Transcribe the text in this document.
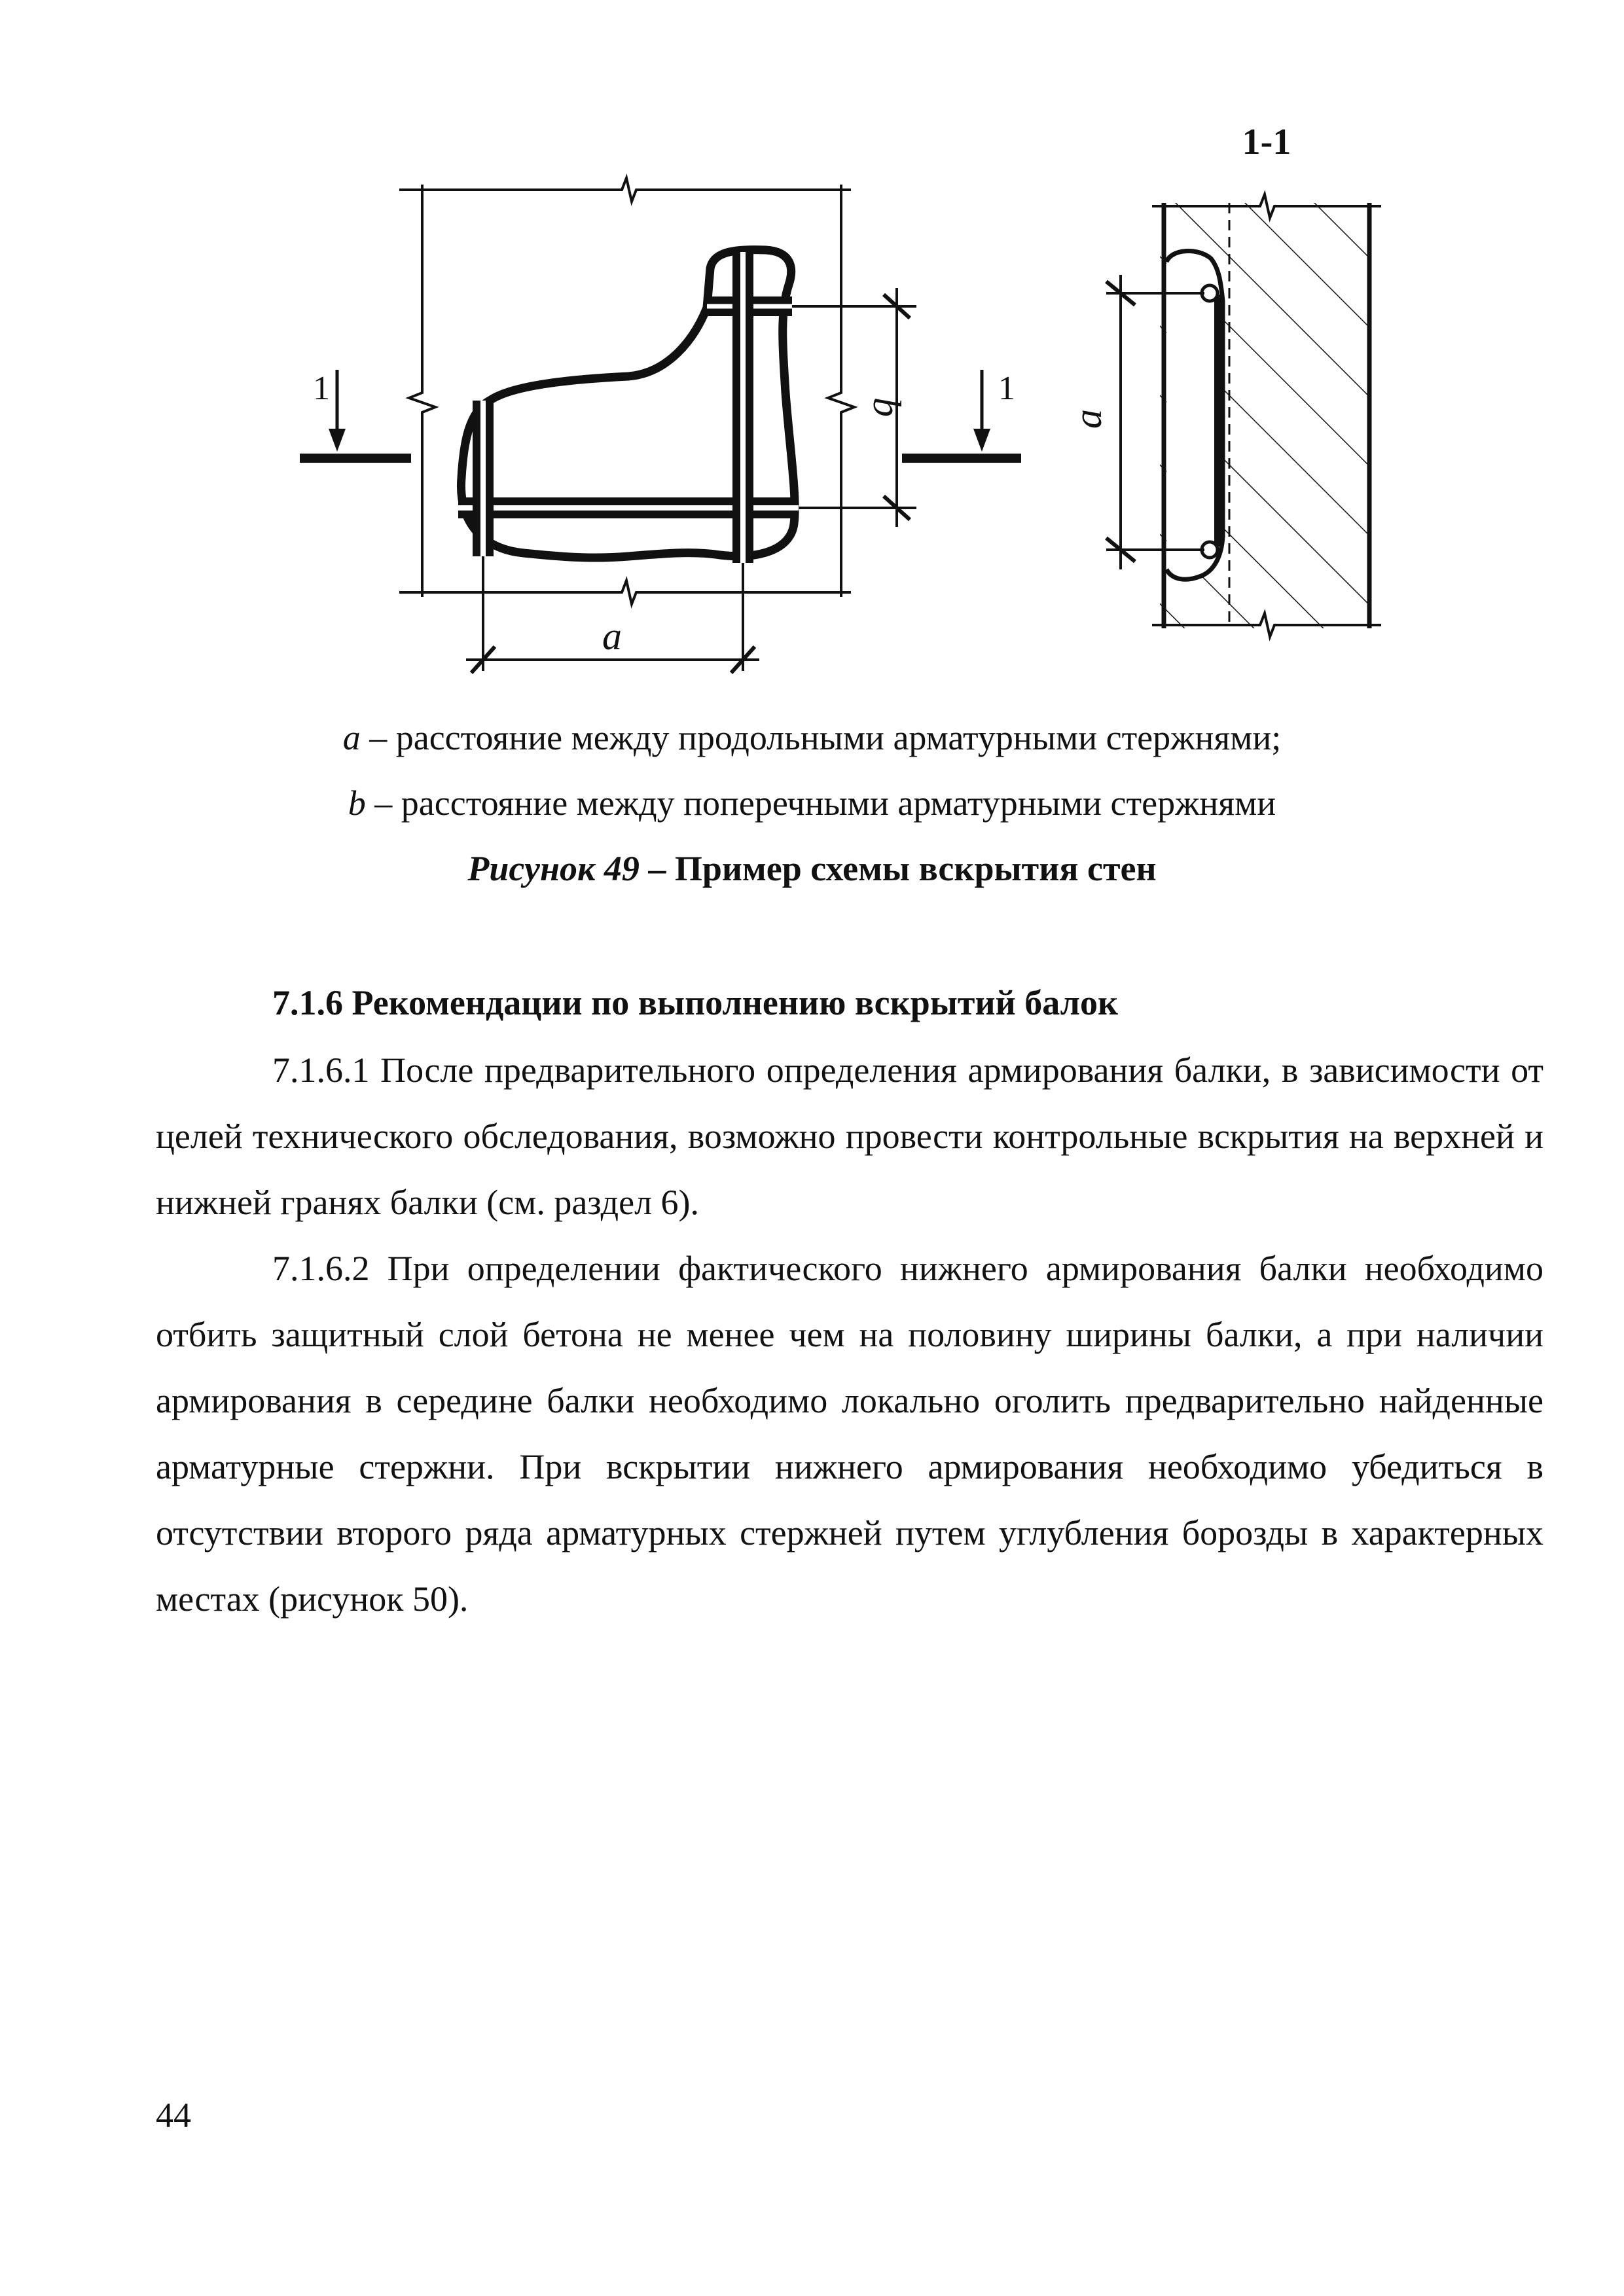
a
b
1	1
1-1
a
a – расстояние между продольными арматурными стержнями;
b – расстояние между поперечными арматурными стержнями
Рисунок 49 – Пример схемы вскрытия стен
7.1.6 Рекомендации по выполнению вскрытий балок

7.1.6.1 После предварительного определения армирования балки, в зависимости от целей технического обследования, возможно провести контрольные вскрытия на верхней и нижней гранях балки (см. раздел 6).

7.1.6.2 При определении фактического нижнего армирования балки необходимо отбить защитный слой бетона не менее чем на половину ширины балки, а при наличии армирования в середине балки необходимо локально оголить предварительно найденные арматурные стержни. При вскрытии нижнего армирования необходимо убедиться в отсутствии второго ряда арматурных стержней путем углубления борозды в характерных местах (рисунок 50).

44
